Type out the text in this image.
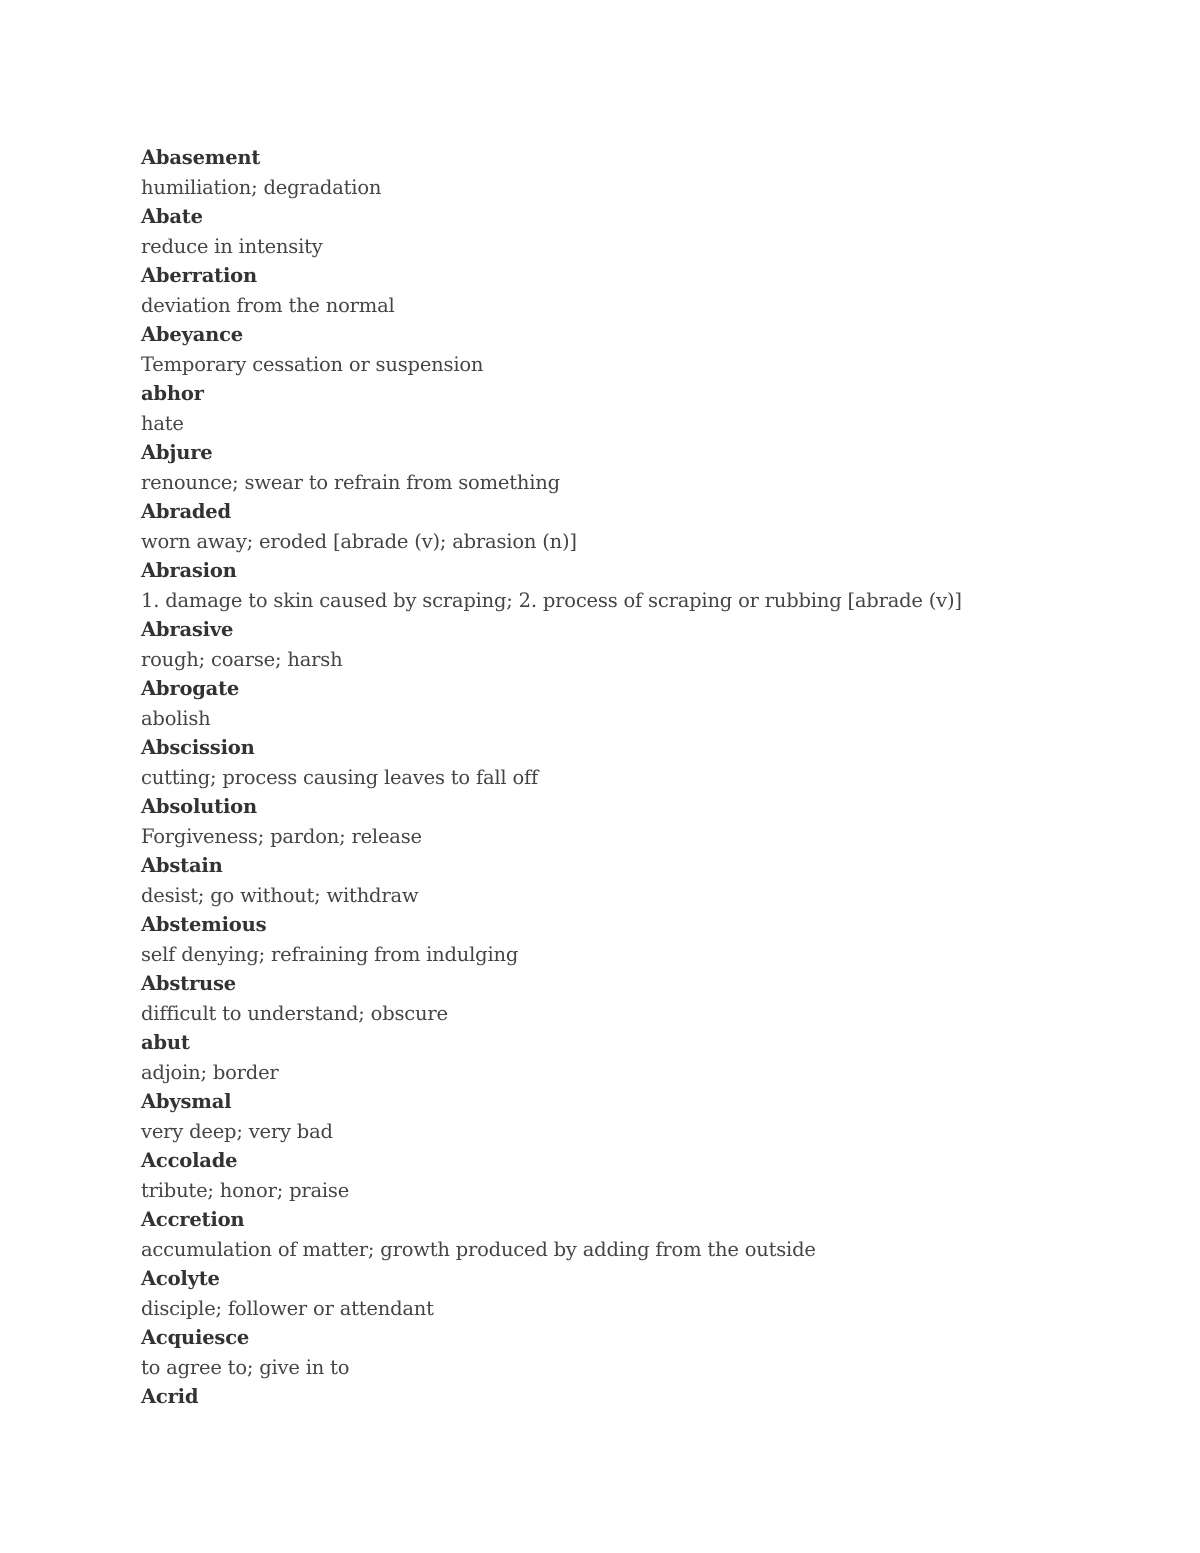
Abasement
humiliation; degradation
Abate
reduce in intensity
Aberration
deviation from the normal
Abeyance
Temporary cessation or suspension
abhor
hate
Abjure
renounce; swear to refrain from something
Abraded
worn away; eroded [abrade (v); abrasion (n)]
Abrasion
1. damage to skin caused by scraping; 2. process of scraping or rubbing [abrade (v)]
Abrasive
rough; coarse; harsh
Abrogate
abolish
Abscission
cutting; process causing leaves to fall off
Absolution
Forgiveness; pardon; release
Abstain
desist; go without; withdraw
Abstemious
self denying; refraining from indulging
Abstruse
difficult to understand; obscure
abut
adjoin; border
Abysmal
very deep; very bad
Accolade
tribute; honor; praise
Accretion
accumulation of matter; growth produced by adding from the outside
Acolyte
disciple; follower or attendant
Acquiesce
to agree to; give in to
Acrid
